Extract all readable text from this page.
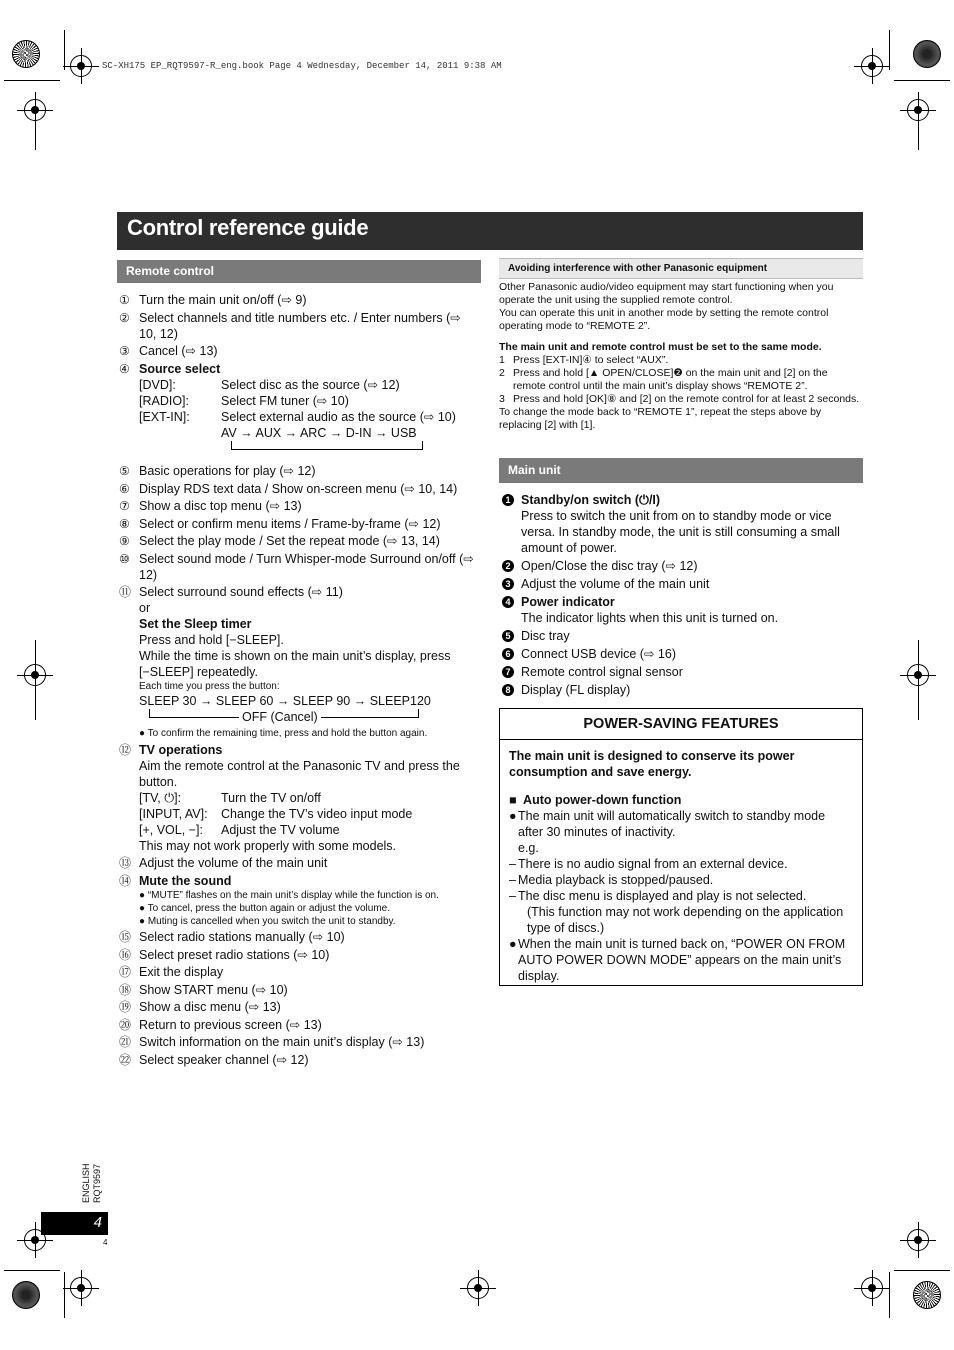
SC-XH175 EP_RQT9597-R_eng.book Page 4 Wednesday, December 14, 2011 9:38 AM
Control reference guide
Remote control
① Turn the main unit on/off (⇨ 9)
② Select channels and title numbers etc. / Enter numbers (⇨ 10, 12)
③ Cancel (⇨ 13)
④ Source select
[DVD]:	Select disc as the source (⇨ 12)
[RADIO]:	Select FM tuner (⇨ 10)
[EXT-IN]:	Select external audio as the source (⇨ 10)
AV → AUX → ARC → D-IN → USB
⑤ Basic operations for play (⇨ 12)
⑥ Display RDS text data / Show on-screen menu (⇨ 10, 14)
⑦ Show a disc top menu (⇨ 13)
⑧ Select or confirm menu items / Frame-by-frame (⇨ 12)
⑨ Select the play mode / Set the repeat mode (⇨ 13, 14)
⑩ Select sound mode / Turn Whisper-mode Surround on/off (⇨ 12)
⑪ Select surround sound effects (⇨ 11)
or
Set the Sleep timer
Press and hold [−SLEEP].
While the time is shown on the main unit’s display, press [−SLEEP] repeatedly.
Each time you press the button:
SLEEP 30 → SLEEP 60 → SLEEP 90 → SLEEP120
OFF (Cancel)
● To confirm the remaining time, press and hold the button again.
⑫ TV operations
Aim the remote control at the Panasonic TV and press the button.
[TV, ⏻]:	Turn the TV on/off
[INPUT, AV]:	Change the TV’s video input mode
[+, VOL, −]:	Adjust the TV volume
This may not work properly with some models.
⑬ Adjust the volume of the main unit
⑭ Mute the sound
● “MUTE” flashes on the main unit’s display while the function is on.
● To cancel, press the button again or adjust the volume.
● Muting is cancelled when you switch the unit to standby.
⑮ Select radio stations manually (⇨ 10)
⑯ Select preset radio stations (⇨ 10)
⑰ Exit the display
⑱ Show START menu (⇨ 10)
⑲ Show a disc menu (⇨ 13)
⑳ Return to previous screen (⇨ 13)
㉑ Switch information on the main unit’s display (⇨ 13)
㉒ Select speaker channel (⇨ 12)
Avoiding interference with other Panasonic equipment
Other Panasonic audio/video equipment may start functioning when you operate the unit using the supplied remote control.
You can operate this unit in another mode by setting the remote control operating mode to “REMOTE 2”.
The main unit and remote control must be set to the same mode.
1 Press [EXT-IN]④ to select “AUX”.
2 Press and hold [▲ OPEN/CLOSE]❷ on the main unit and [2] on the remote control until the main unit’s display shows “REMOTE 2”.
3 Press and hold [OK]⑧ and [2] on the remote control for at least 2 seconds.
To change the mode back to “REMOTE 1”, repeat the steps above by replacing [2] with [1].
Main unit
1 Standby/on switch (⏻/I)
Press to switch the unit from on to standby mode or vice versa. In standby mode, the unit is still consuming a small amount of power.
2 Open/Close the disc tray (⇨ 12)
3 Adjust the volume of the main unit
4 Power indicator
The indicator lights when this unit is turned on.
5 Disc tray
6 Connect USB device (⇨ 16)
7 Remote control signal sensor
8 Display (FL display)
POWER-SAVING FEATURES
The main unit is designed to conserve its power consumption and save energy.
■ Auto power-down function
● The main unit will automatically switch to standby mode after 30 minutes of inactivity.
e.g.
– There is no audio signal from an external device.
– Media playback is stopped/paused.
– The disc menu is displayed and play is not selected.
(This function may not work depending on the application type of discs.)
● When the main unit is turned back on, “POWER ON FROM AUTO POWER DOWN MODE” appears on the main unit’s display.
ENGLISH RQT9597
4
4
